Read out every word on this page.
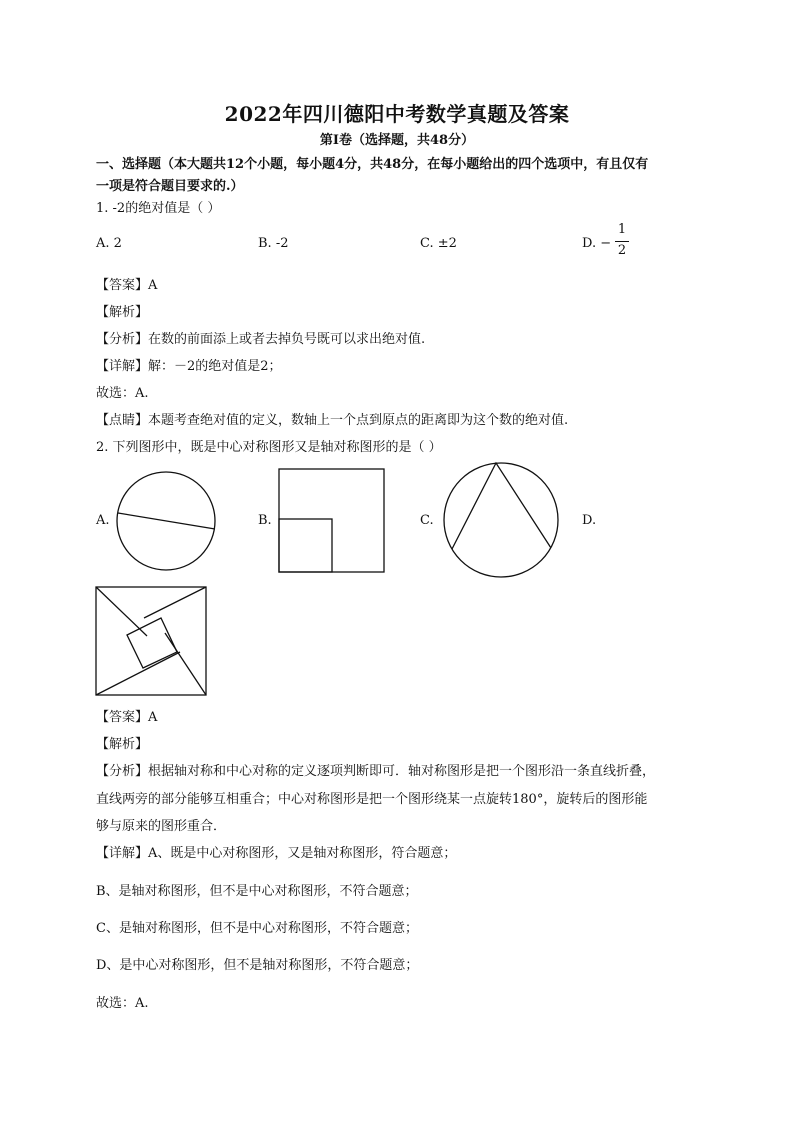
2022年四川德阳中考数学真题及答案
第Ⅰ卷（选择题，共48分）
一、选择题（本大题共12个小题，每小题4分，共48分，在每小题给出的四个选项中，有且仅有
一项是符合题目要求的.）
1. -2的绝对值是（ ）
A. 2	B. -2	C. ±2	D. −
1
2
【答案】A
【解析】
【分析】在数的前面添上或者去掉负号既可以求出绝对值.
【详解】解：－2的绝对值是2；
故选：A.
【点睛】本题考查绝对值的定义，数轴上一个点到原点的距离即为这个数的绝对值.
2. 下列图形中，既是中心对称图形又是轴对称图形的是（ ）
A.	B.	C.	D.
【答案】A
【解析】
【分析】根据轴对称和中心对称的定义逐项判断即可．轴对称图形是把一个图形沿一条直线折叠，
直线两旁的部分能够互相重合；中心对称图形是把一个图形绕某一点旋转180°，旋转后的图形能
够与原来的图形重合．
【详解】A、既是中心对称图形，又是轴对称图形，符合题意；
B、是轴对称图形，但不是中心对称图形，不符合题意；
C、是轴对称图形，但不是中心对称图形，不符合题意；
D、是中心对称图形，但不是轴对称图形，不符合题意；
故选：A.
